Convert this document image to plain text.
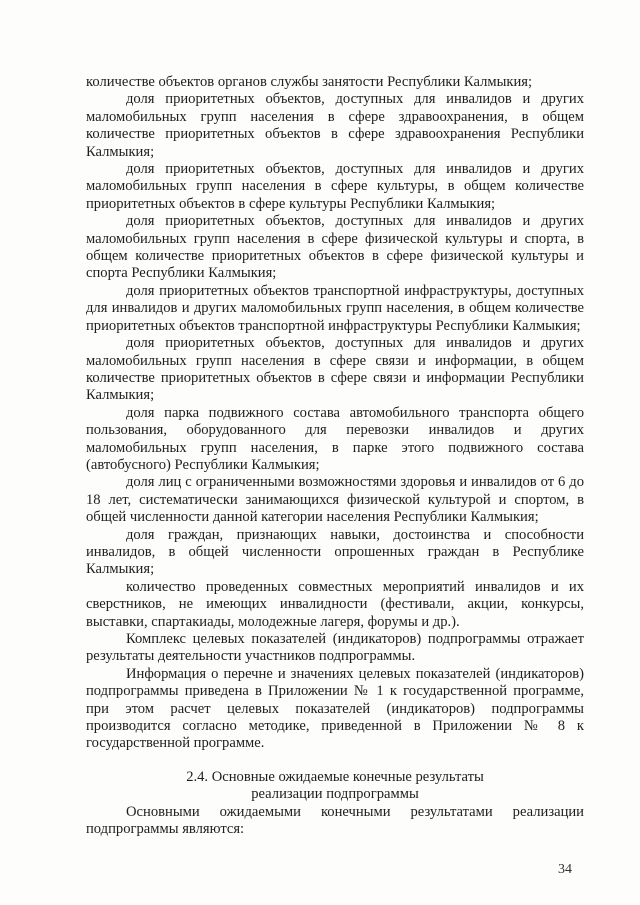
количестве объектов органов службы занятости Республики Калмыкия;

доля приоритетных объектов, доступных для инвалидов и других маломобильных групп населения в сфере здравоохранения, в общем количестве приоритетных объектов в сфере здравоохранения Республики Калмыкия;

доля приоритетных объектов, доступных для инвалидов и других маломобильных групп населения в сфере культуры, в общем количестве приоритетных объектов в сфере культуры Республики Калмыкия;

доля приоритетных объектов, доступных для инвалидов и других маломобильных групп населения в сфере физической культуры и спорта, в общем количестве приоритетных объектов в сфере физической культуры и спорта Республики Калмыкия;

доля приоритетных объектов транспортной инфраструктуры, доступных для инвалидов и других маломобильных групп населения, в общем количестве приоритетных объектов транспортной инфраструктуры Республики Калмыкия;

доля приоритетных объектов, доступных для инвалидов и других маломобильных групп населения в сфере связи и информации, в общем количестве приоритетных объектов в сфере связи и информации Республики Калмыкия;

доля парка подвижного состава автомобильного транспорта общего пользования, оборудованного для перевозки инвалидов и других маломобильных групп населения, в парке этого подвижного состава (автобусного) Республики Калмыкия;

доля лиц с ограниченными возможностями здоровья и инвалидов от 6 до 18 лет, систематически занимающихся физической культурой и спортом, в общей численности данной категории населения Республики Калмыкия;

доля граждан, признающих навыки, достоинства и способности инвалидов, в общей численности опрошенных граждан в Республике Калмыкия;

количество проведенных совместных мероприятий инвалидов и их сверстников, не имеющих инвалидности (фестивали, акции, конкурсы, выставки, спартакиады, молодежные лагеря, форумы и др.).

Комплекс целевых показателей (индикаторов) подпрограммы отражает результаты деятельности участников подпрограммы.

Информация о перечне и значениях целевых показателей (индикаторов) подпрограммы приведена в Приложении № 1 к государственной программе, при этом расчет целевых показателей (индикаторов) подпрограммы производится согласно методике, приведенной в Приложении № 8 к государственной программе.

2.4. Основные ожидаемые конечные результаты
реализации подпрограммы

Основными ожидаемыми конечными результатами реализации подпрограммы являются:

34
